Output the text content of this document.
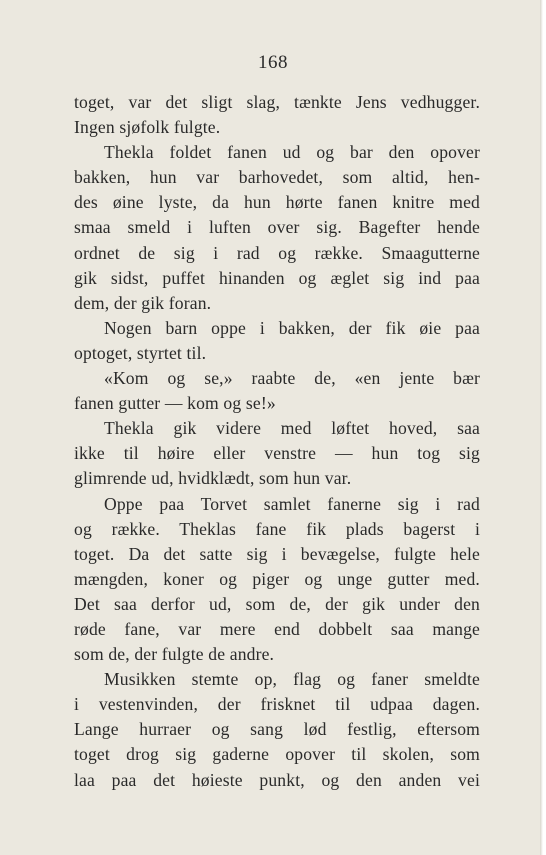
168
toget, var det sligt slag, tænkte Jens vedhugger.
Ingen sjøfolk fulgte.
Thekla foldet fanen ud og bar den opover
bakken, hun var barhovedet, som altid, hen-
des øine lyste, da hun hørte fanen knitre med
smaa smeld i luften over sig. Bagefter hende
ordnet de sig i rad og række. Smaagutterne
gik sidst, puffet hinanden og æglet sig ind paa
dem, der gik foran.
Nogen barn oppe i bakken, der fik øie paa
optoget, styrtet til.
«Kom og se,» raabte de, «en jente bær
fanen gutter — kom og se!»
Thekla gik videre med løftet hoved, saa
ikke til høire eller venstre — hun tog sig
glimrende ud, hvidklædt, som hun var.
Oppe paa Torvet samlet fanerne sig i rad
og række. Theklas fane fik plads bagerst i
toget. Da det satte sig i bevægelse, fulgte hele
mængden, koner og piger og unge gutter med.
Det saa derfor ud, som de, der gik under den
røde fane, var mere end dobbelt saa mange
som de, der fulgte de andre.
Musikken stemte op, flag og faner smeldte
i vestenvinden, der frisknet til udpaa dagen.
Lange hurraer og sang lød festlig, eftersom
toget drog sig gaderne opover til skolen, som
laa paa det høieste punkt, og den anden vei
